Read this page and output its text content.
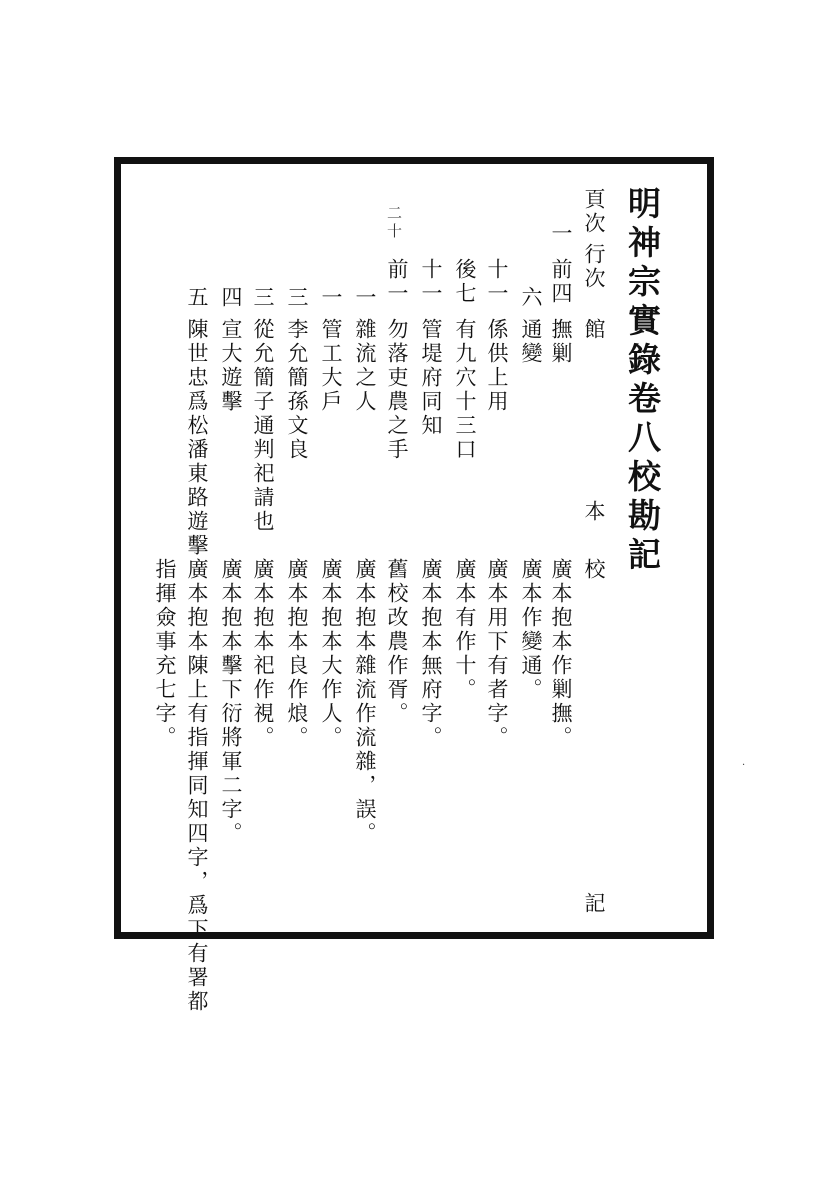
明神宗實錄卷八校勘記
頁次
行次
館
本
校
記
二十	一
前四
撫剿
廣本抱本作剿撫。
六
通變
廣本作變通。
十一
係供上用
廣本用下有者字。
後七
有九穴十三口
廣本有作十。
十一
管堤府同知
廣本抱本無府字。
前一
勿落吏農之手
舊校改農作胥。
一
雜流之人
廣本抱本雜流作流雜，誤。
一
管工大戶
廣本抱本大作人。
三
李允簡孫文良
廣本抱本良作烺。
三
從允簡子通判祀請也
廣本抱本祀作視。
四
宣大遊擊
廣本抱本擊下衍將軍二字。
五
陳世忠爲松潘東路遊擊
廣本抱本陳上有指揮同知四字，爲下有署都
指揮僉事充七字。
·
